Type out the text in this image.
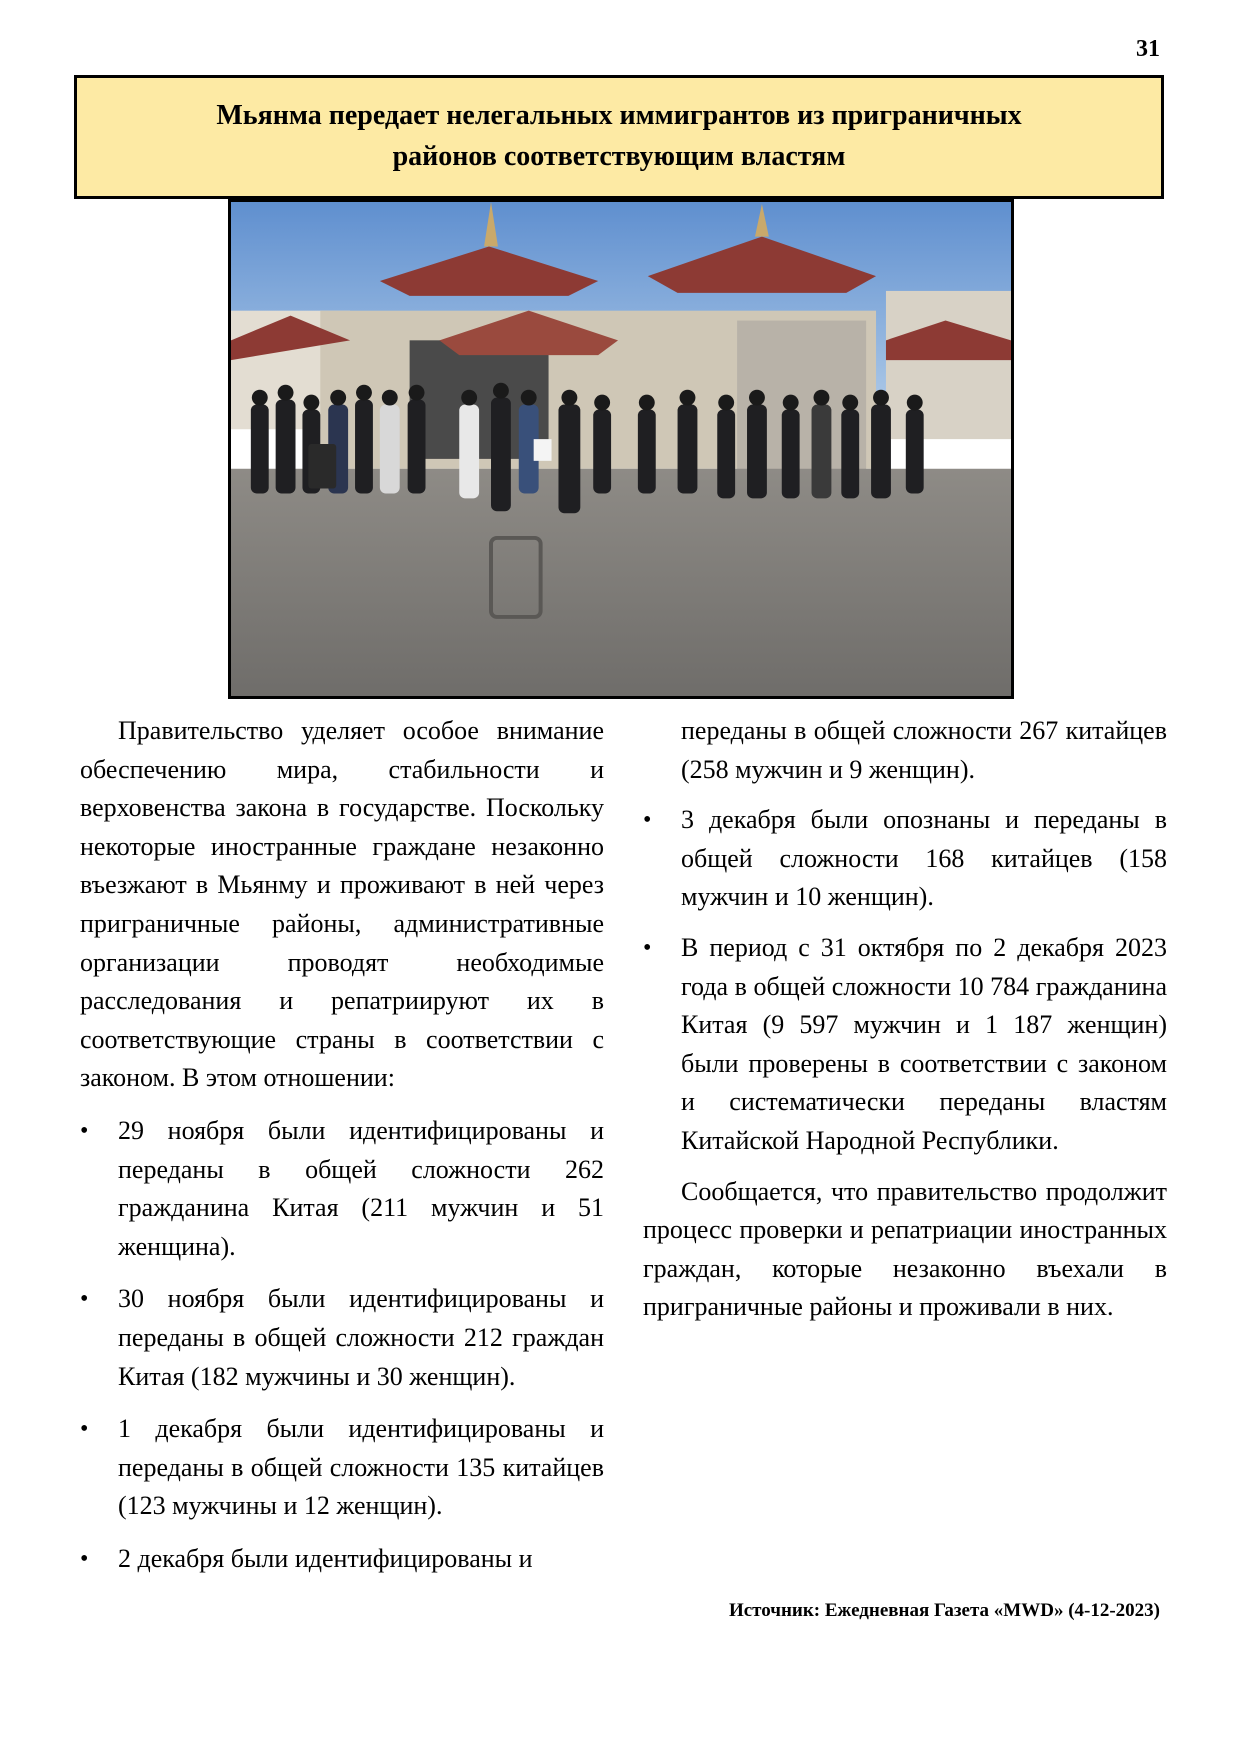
31
Мьянма передает нелегальных иммигрантов из приграничных
районов соответствующим властям

Правительство уделяет особое внимание обеспечению мира, стабильности и верховенства закона в государстве. Поскольку некоторые иностранные граждане незаконно въезжают в Мьянму и проживают в ней через приграничные районы, административные организации проводят необходимые расследования и репатриируют их в соответствующие страны в соответствии с законом. В этом отношении:

• 29 ноября были идентифицированы и переданы в общей сложности 262 гражданина Китая (211 мужчин и 51 женщина).
• 30 ноября были идентифицированы и переданы в общей сложности 212 граждан Китая (182 мужчины и 30 женщин).
• 1 декабря были идентифицированы и переданы в общей сложности 135 китайцев (123 мужчины и 12 женщин).
• 2 декабря были идентифицированы и

переданы в общей сложности 267 китайцев (258 мужчин и 9 женщин).

• 3 декабря были опознаны и переданы в общей сложности 168 китайцев (158 мужчин и 10 женщин).
• В период с 31 октября по 2 декабря 2023 года в общей сложности 10 784 гражданина Китая (9 597 мужчин и 1 187 женщин) были проверены в соответствии с законом и систематически переданы властям Китайской Народной Республики.

Сообщается, что правительство продолжит процесс проверки и репатриации иностранных граждан, которые незаконно въехали в приграничные районы и проживали в них.

Источник: Ежедневная Газета «MWD» (4-12-2023)
